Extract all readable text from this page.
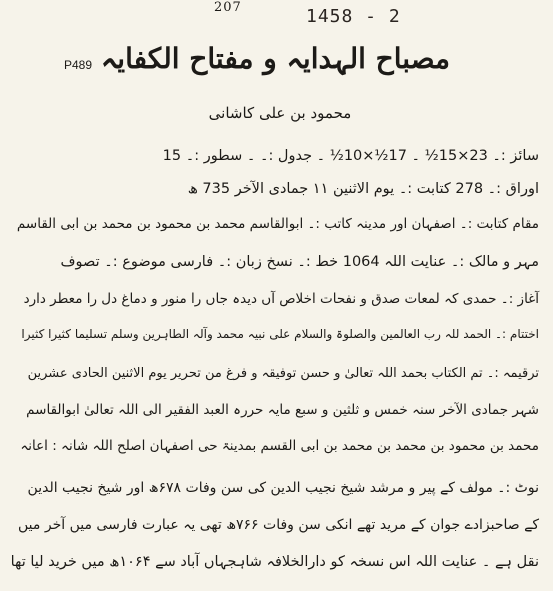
207	1458 - 2
P489 مصباح الہدایہ و مفتاح الکفایہ
محمود بن علی کاشانی
سائز :۔ 23×15½ ۔ 17½×10½ ۔ جدول :۔ ۔ سطور :۔ 15
اوراق :۔ 278 کتابت :۔ یوم الاثنین ۱۱ جمادی الآخر 735 ھ
مقام کتابت :۔ اصفہان اور مدینہ کاتب :۔ ابوالقاسم محمد بن محمود بن محمد بن ابی القاسم
مہر و مالک :۔ عنایت اللہ 1064 خط :۔ نسخ زبان :۔ فارسی موضوع :۔ تصوف
آغاز :۔ حمدی کہ لمعات صدق و نفحات اخلاص آں دیدہ جاں را منور و دماغ دل را معطر دارد
اختتام :۔ الحمد للہ رب العالمین والصلوۃ والسلام علی نبیہ محمد وآلہ الطاہرین وسلم تسلیما کثیرا کثیرا
ترقیمہ :۔ تم الکتاب بحمد اللہ تعالیٰ و حسن توفیقہ و فرغ من تحریر یوم الاثنین الحادی عشرین
شہر جمادی الآخر سنہ خمس و ثلثین و سبع مایہ حررہ العبد الفقیر الی اللہ تعالیٰ ابوالقاسم
محمد بن محمود بن محمد بن محمد بن ابی القسم بمدینۃ حی اصفہان اصلح اللہ شانہ : اعانہ
نوٹ :۔ مولف کے پیر و مرشد شیخ نجیب الدین کی سن وفات ۶۷۸ھ اور شیخ نجیب الدین
کے صاحبزادے جوان کے مرید تھے انکی سن وفات ۷۶۶ھ تھی یہ عبارت فارسی میں آخر میں
نقل ہے ۔ عنایت اللہ اس نسخہ کو دارالخلافہ شاہجہاں آباد سے ۱۰۶۴ھ میں خرید لیا تھا
